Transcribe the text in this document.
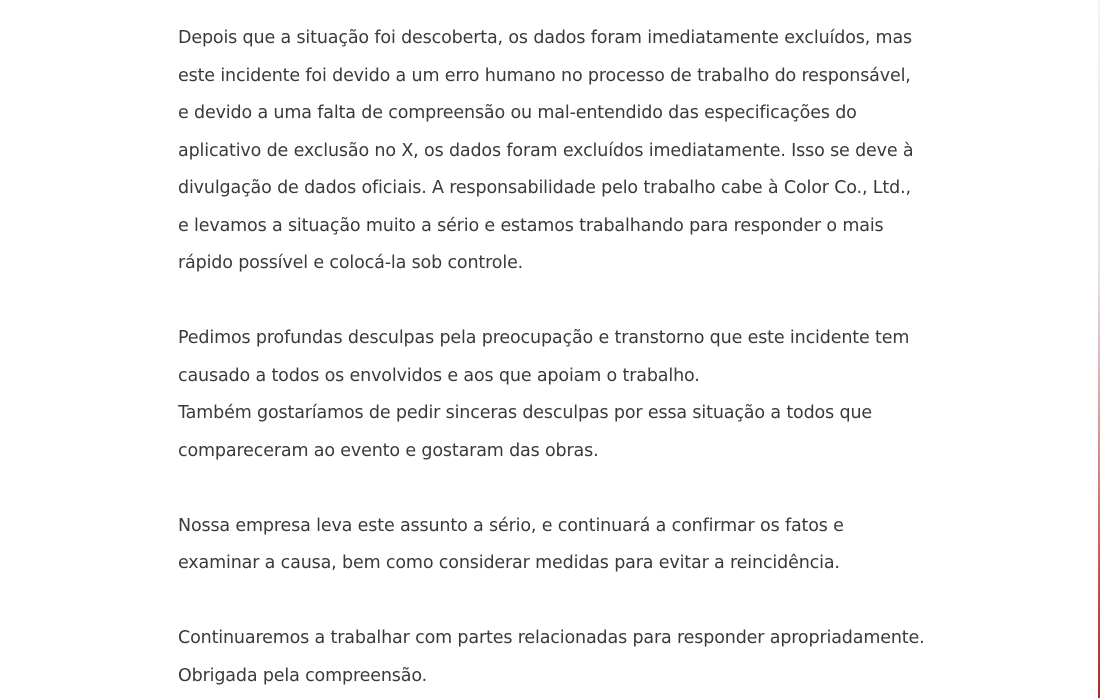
Depois que a situação foi descoberta, os dados foram imediatamente excluídos, mas
este incidente foi devido a um erro humano no processo de trabalho do responsável,
e devido a uma falta de compreensão ou mal-entendido das especificações do
aplicativo de exclusão no X, os dados foram excluídos imediatamente. Isso se deve à
divulgação de dados oficiais. A responsabilidade pelo trabalho cabe à Color Co., Ltd.,
e levamos a situação muito a sério e estamos trabalhando para responder o mais
rápido possível e colocá-la sob controle.
Pedimos profundas desculpas pela preocupação e transtorno que este incidente tem
causado a todos os envolvidos e aos que apoiam o trabalho.
Também gostaríamos de pedir sinceras desculpas por essa situação a todos que
compareceram ao evento e gostaram das obras.
Nossa empresa leva este assunto a sério, e continuará a confirmar os fatos e
examinar a causa, bem como considerar medidas para evitar a reincidência.
Continuaremos a trabalhar com partes relacionadas para responder apropriadamente.
Obrigada pela compreensão.
